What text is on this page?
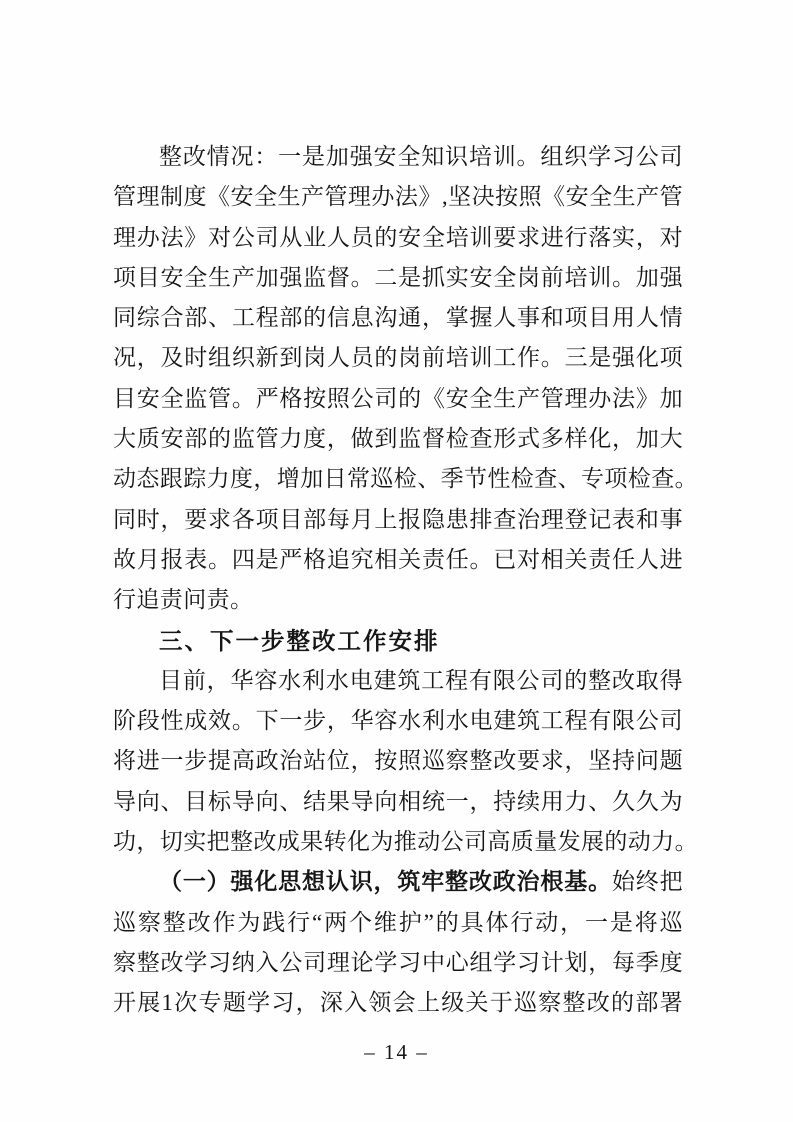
整改情况：一是加强安全知识培训。组织学习公司
管理制度《安全生产管理办法》,坚决按照《安全生产管
理办法》对公司从业人员的安全培训要求进行落实，对
项目安全生产加强监督。二是抓实安全岗前培训。加强
同综合部、工程部的信息沟通，掌握人事和项目用人情
况，及时组织新到岗人员的岗前培训工作。三是强化项
目安全监管。严格按照公司的《安全生产管理办法》加
大质安部的监管力度，做到监督检查形式多样化，加大
动态跟踪力度，增加日常巡检、季节性检查、专项检查。
同时，要求各项目部每月上报隐患排查治理登记表和事
故月报表。四是严格追究相关责任。已对相关责任人进
行追责问责。
三、下一步整改工作安排
目前，华容水利水电建筑工程有限公司的整改取得
阶段性成效。下一步，华容水利水电建筑工程有限公司
将进一步提高政治站位，按照巡察整改要求，坚持问题
导向、目标导向、结果导向相统一，持续用力、久久为
功，切实把整改成果转化为推动公司高质量发展的动力。
（一）强化思想认识，筑牢整改政治根基。始终把
巡察整改作为践行“两个维护”的具体行动，一是将巡
察整改学习纳入公司理论学习中心组学习计划，每季度
开展1次专题学习，深入领会上级关于巡察整改的部署
– 14 –
